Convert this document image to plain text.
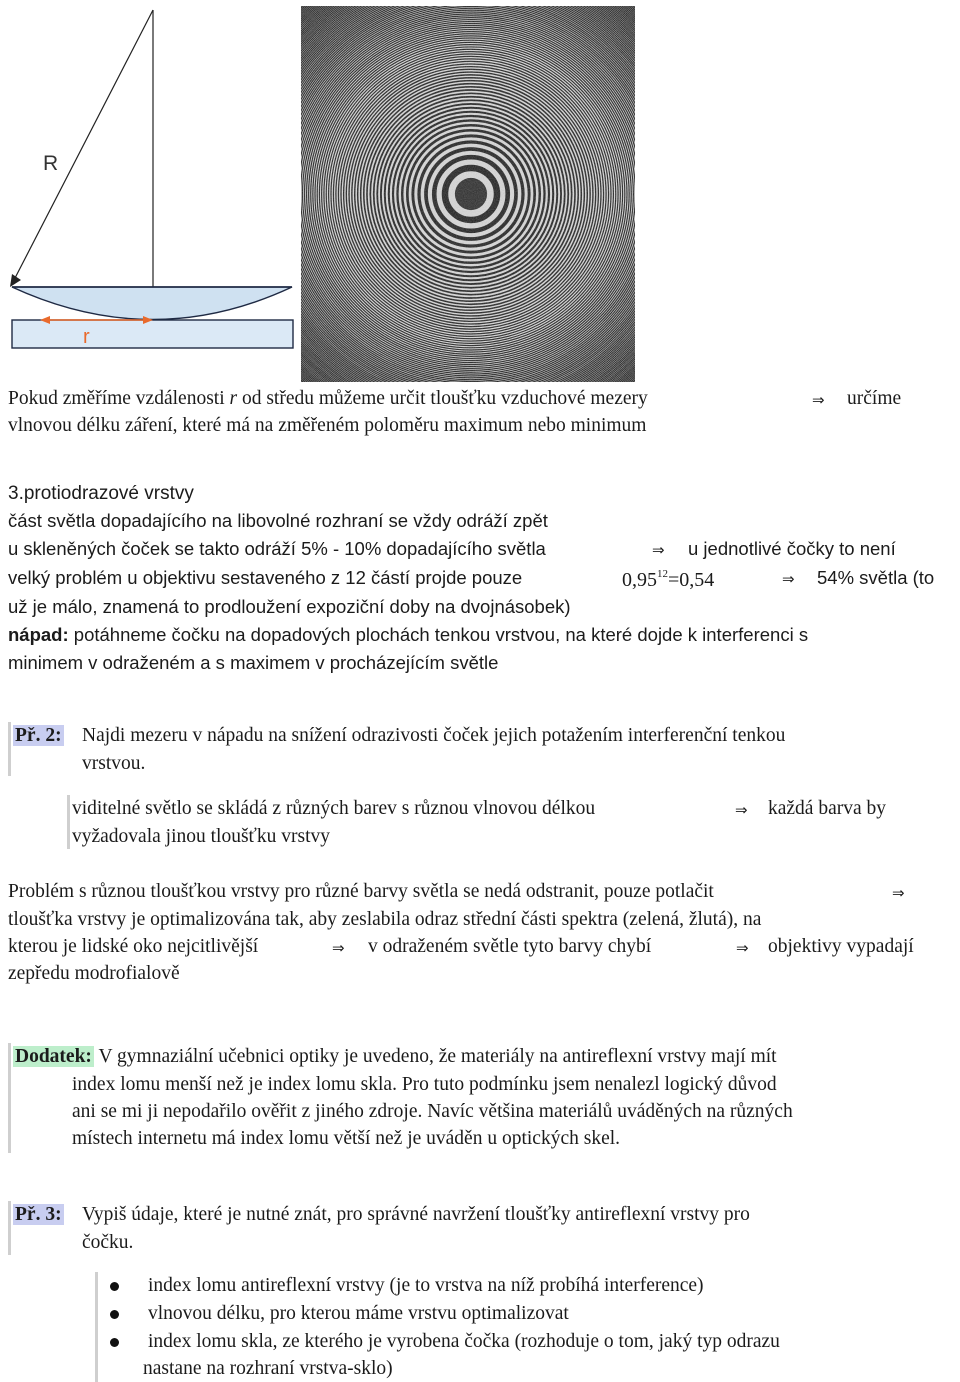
R
r
Pokud změříme vzdálenosti r od středu můžeme určit tloušťku vzduchové mezery	⇒ určíme
vlnovou délku záření, které má na změřeném poloměru maximum nebo minimum
3.protiodrazové vrstvy
část světla dopadajícího na libovolné rozhraní se vždy odráží zpět
u skleněných čoček se takto odráží 5% - 10% dopadajícího světla	⇒ u jednotlivé čočky to není
velký problém u objektivu sestaveného z 12 částí projde pouze	$0,95^{12}=0,54$	⇒ 54% světla (to
už je málo, znamená to prodloužení expoziční doby na dvojnásobek)
nápad: potáhneme čočku na dopadových plochách tenkou vrstvou, na které dojde k interferenci s
minimem v odraženém a s maximem v procházejícím světle
Př. 2: Najdi mezeru v nápadu na snížení odrazivosti čoček jejich potažením interferenční tenkou
vrstvou.
viditelné světlo se skládá z různých barev s různou vlnovou délkou	⇒ každá barva by
vyžadovala jinou tloušťku vrstvy
Problém s různou tloušťkou vrstvy pro různé barvy světla se nedá odstranit, pouze potlačit	⇒
tloušťka vrstvy je optimalizována tak, aby zeslabila odraz střední části spektra (zelená, žlutá), na
kterou je lidské oko nejcitlivější	⇒ v odraženém světle tyto barvy chybí	⇒ objektivy vypadají
zepředu modrofialově
Dodatek: V gymnaziální učebnici optiky je uvedeno, že materiály na antireflexní vrstvy mají mít
index lomu menší než je index lomu skla. Pro tuto podmínku jsem nenalezl logický důvod
ani se mi ji nepodařilo ověřit z jiného zdroje. Navíc většina materiálů uváděných na různých
místech internetu má index lomu větší než je uváděn u optických skel.
Př. 3: Vypiš údaje, které je nutné znát, pro správné navržení tloušťky antireflexní vrstvy pro
čočku.
index lomu antireflexní vrstvy (je to vrstva na níž probíhá interference)
vlnovou délku, pro kterou máme vrstvu optimalizovat
index lomu skla, ze kterého je vyrobena čočka (rozhoduje o tom, jaký typ odrazu
nastane na rozhraní vrstva-sklo)
